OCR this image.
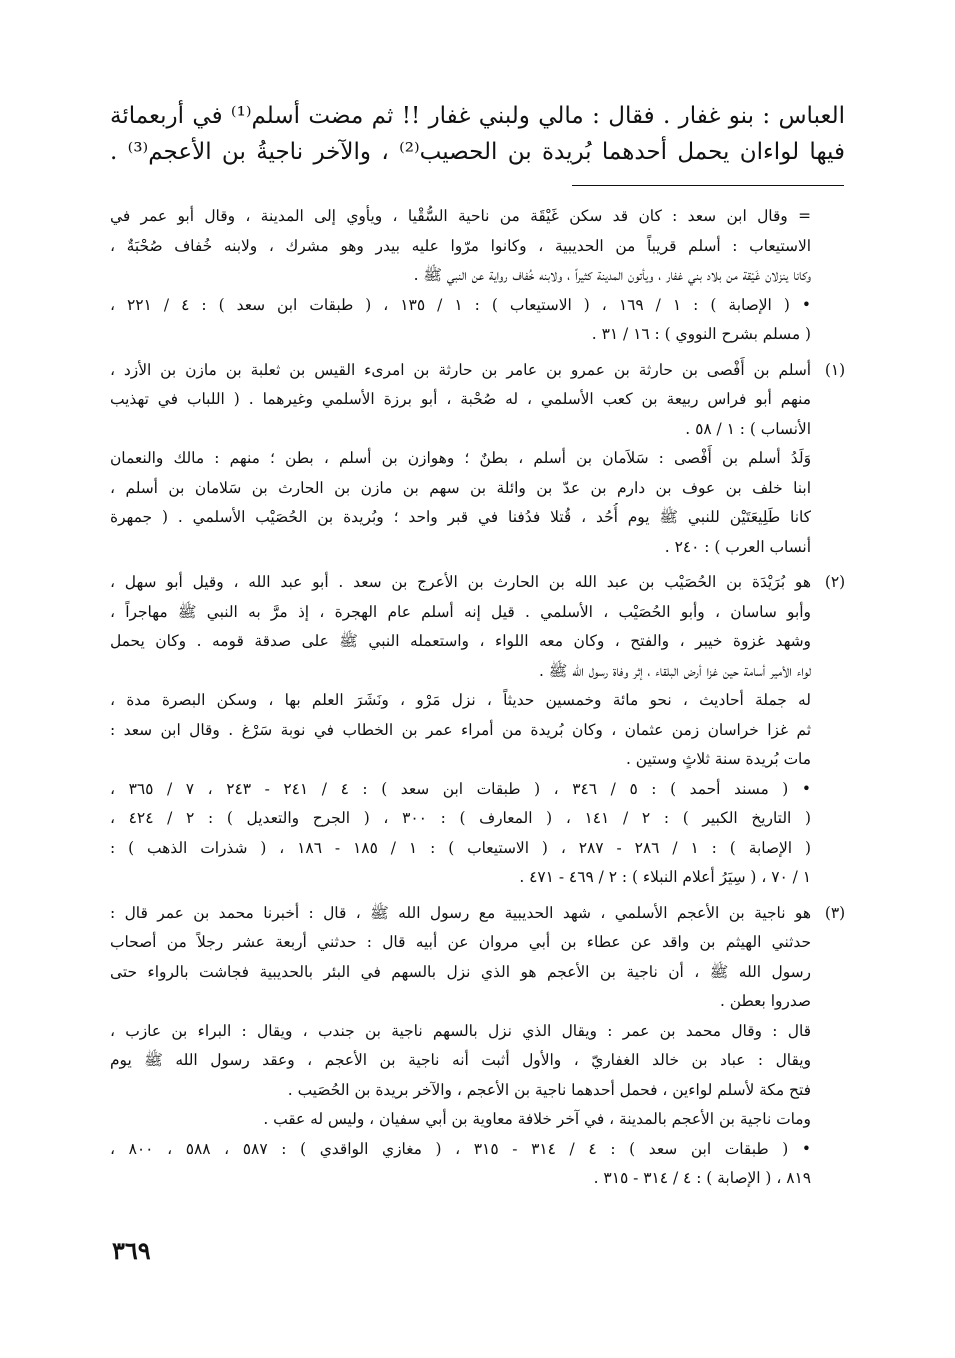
العباس : بنو غفار . فقال : مالي ولبني غفار !! ثم مضت أسلم⁽¹⁾ في أربعمائة

فيها لواءان يحمل أحدهما بُريدة بن الحصيب⁽²⁾ ، والآخر ناجيةُ بن الأعجم⁽³⁾ .

= وقال ابن سعد : كان قد سكن غَيْقَة من ناحية السُّقْيا ، ويأوي إلى المدينة ، وقال أبو عمر في
الاستيعاب : أسلم قريباً من الحديبية ، وكانوا مرّوا عليه بيدر وهو مشرك ، ولابنه خُفاف صُحْبَةٌ ،
وكانا ينزلان غَيْقة من بلاد بني غفار ، ويأتون المدينة كثيراً ، ولابنه خُفاف رواية عن النبي ﷺ .
• ( الإصابة ) : ١ / ١٦٩ ، ( الاستيعاب ) : ١ / ١٣٥ ، ( طبقات ابن سعد ) : ٤ / ٢٢١ ،
( مسلم بشرح النووي ) : ١٦ / ٣١ .
(١)
أسلم بن أَفْصى بن حارثة بن عمرو بن عامر بن حارثة بن امرىء القيس بن ثعلبة بن مازن بن الأزد ،
منهم أبو فراس ربيعة بن كعب الأسلمي ، له صُحْبة ، أبو برزة الأسلمي وغيرهما . ( اللباب في تهذيب
الأنساب ) : ١ / ٥٨ .
وَلَدُ أسلم بن أَفْصى : سَلاَمان بن أسلم ، بطنٌ ؛ وهوازن بن أسلم ، بطن ؛ منهم : مالك والنعمان
ابنا خلف بن عوف بن دارم بن عدّ بن وائلة بن سهم بن مازن بن الحارث بن سَلامان بن أسلم ،
كانا طَلِيعَتَيْن للنبي ﷺ يوم أُحُد ، قُتلا فدُفنا في قبر واحد ؛ وبُريدة بن الحُصَيْب الأسلمي . ( جمهرة
أنساب العرب ) : ٢٤٠ .
(٢)
هو بُرَيْدَة بن الحُصَيْب بن عبد الله بن الحارث بن الأعرج بن سعد . أبو عبد الله ، وقيل أبو سهل ،
وأبو ساسان ، وأبو الحُصَيْب ، الأسلمي . قيل إنه أسلم عام الهجرة ، إذ مرَّ به النبي ﷺ مهاجراً ،
وشهد غزوة خيبر ، والفتح ، وكان معه اللواء ، واستعمله النبي ﷺ على صدقة قومه . وكان يحمل
لواء الأمير أسامة حين غزا أرض البلقاء ، إثر وفاة رسول الله ﷺ .
له جملة أحاديث ، نحو مائة وخمسين حديثاً ، نزل مَرْو ، ونَشَرَ العلم بها ، وسكن البصرة مدة ،
ثم غزا خراسان زمن عثمان ، وكان بُريدة من أمراء عمر بن الخطاب في نوبة سَرْغ . وقال ابن سعد :
مات بُريدة سنة ثلاثٍ وستين .
• ( مسند أحمد ) : ٥ / ٣٤٦ ، ( طبقات ابن سعد ) : ٤ / ٢٤١ - ٢٤٣ ، ٧ / ٣٦٥ ،
( التاريخ الكبير ) : ٢ / ١٤١ ، ( المعارف ) : ٣٠٠ ، ( الجرح والتعديل ) : ٢ / ٤٢٤ ،
( الإصابة ) : ١ / ٢٨٦ - ٢٨٧ ، ( الاستيعاب ) : ١ / ١٨٥ - ١٨٦ ، ( شذرات الذهب ) :
١ / ٧٠ ، ( سِيَرُ أعلام النبلاء ) : ٢ / ٤٦٩ - ٤٧١ .
(٣)
هو ناجية بن الأعجم الأسلمي ، شهد الحديبية مع رسول الله ﷺ ، قال : أخبرنا محمد بن عمر قال :
حدثني الهيثم بن واقد عن عطاء بن أبي مروان عن أبيه قال : حدثني أربعة عشر رجلاً من أصحاب
رسول الله ﷺ ، أن ناجية بن الأعجم هو الذي نزل بالسهم في البئر بالحديبية فجاشت بالرواء حتى
صدروا بعطن .
قال : وقال محمد بن عمر : ويقال الذي نزل بالسهم ناجية بن جندب ، ويقال : البراء بن عازب ،
ويقال : عباد بن خالد الغفاريّ ، والأول أثبت أنه ناجية بن الأعجم ، وعقد رسول الله ﷺ يوم
فتح مكة لأسلم لواءين ، فحمل أحدهما ناجية بن الأعجم ، والآخر بريدة بن الحُصَيب .
ومات ناجية بن الأعجم بالمدينة ، في آخر خلافة معاوية بن أبي سفيان ، وليس له عقب .
• ( طبقات ابن سعد ) : ٤ / ٣١٤ - ٣١٥ ، ( مغازي الواقدي ) : ٥٨٧ ، ٥٨٨ ، ٨٠٠ ،
٨١٩ ، ( الإصابة ) : ٤ / ٣١٤ - ٣١٥ .
٣٦٩
